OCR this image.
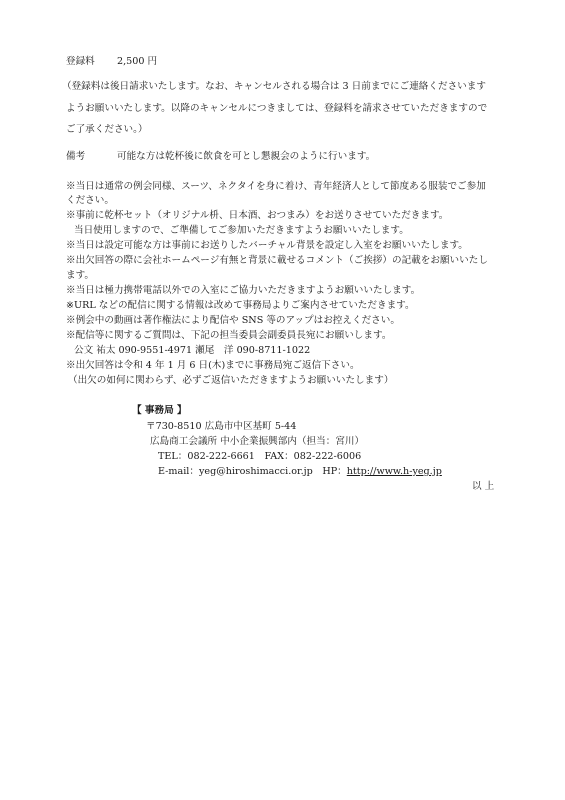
登録料 2,500 円
（登録料は後日請求いたします。なお、キャンセルされる場合は 3 日前までにご連絡くださいます
ようお願いいたします。以降のキャンセルにつきましては、登録料を請求させていただきますので
ご了承ください。）
備考	可能な方は乾杯後に飲食を可とし懇親会のように行います。
※当日は通常の例会同様、スーツ、ネクタイを身に着け、青年経済人として節度ある服装でご参加
ください。
※事前に乾杯セット（オリジナル枡、日本酒、おつまみ）をお送りさせていただきます。
当日使用しますので、ご準備してご参加いただきますようお願いいたします。
※当日は設定可能な方は事前にお送りしたバーチャル背景を設定し入室をお願いいたします。
※出欠回答の際に会社ホームページ有無と背景に載せるコメント（ご挨拶）の記載をお願いいたし
ます。
※当日は極力携帯電話以外での入室にご協力いただきますようお願いいたします。
※URL などの配信に関する情報は改めて事務局よりご案内させていただきます。
※例会中の動画は著作権法により配信や SNS 等のアップはお控えください。
※配信等に関するご質問は、下記の担当委員会副委員長宛にお願いします。
公文 祐太 090-9551-4971 瀬尾　洋 090-8711-1022
※出欠回答は令和 4 年 1 月 6 日(木)までに事務局宛ご返信下さい。
（出欠の如何に関わらず、必ずご返信いただきますようお願いいたします）
【 事務局 】
〒730-8510 広島市中区基町 5-44
広島商工会議所 中小企業振興部内（担当：宮川）
TEL：082-222-6661　FAX：082-222-6006
E-mail：yeg@hiroshimacci.or.jp　HP：http://www.h-yeg.jp
以 上
